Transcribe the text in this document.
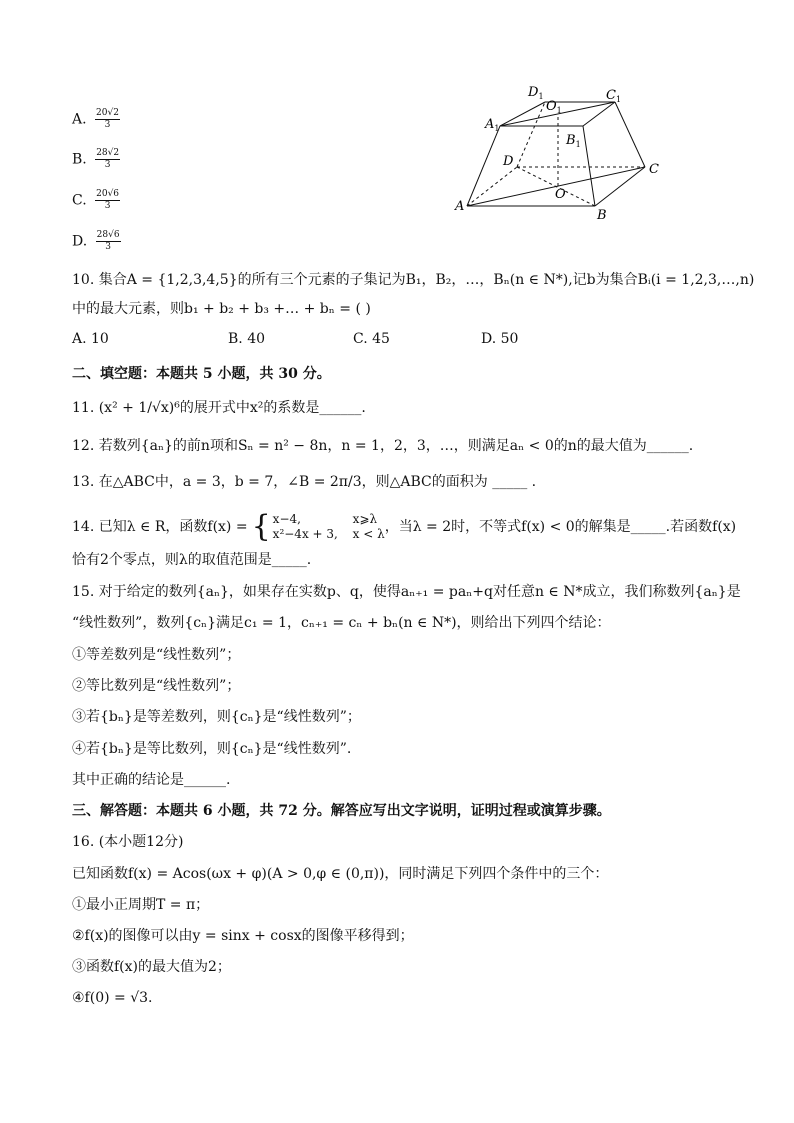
A. $\frac{20√2}{3}$
B. $\frac{28√2}{3}$
C. $\frac{20√6}{3}$
D. $\frac{28√6}{3}$
$D_1$
$O_1$
$C_1$
$A_1$
$B_1$
D
C
O
A
B
10. 集合A = {1,2,3,4,5}的所有三个元素的子集记为B₁，B₂，…，Bₙ(n ∈ N*),记b为集合Bᵢ(i = 1,2,3,…,n)
中的最大元素，则b₁ + b₂ + b₃ +… + bₙ = ( )
A. 10	B. 40	C. 45	D. 50
二、填空题：本题共 5 小题，共 30 分。
11. (x² + 1/√x)⁶的展开式中x²的系数是______.
12. 若数列{aₙ}的前n项和Sₙ = n² − 8n，n = 1，2，3，…，则满足aₙ < 0的n的最大值为______.
13. 在△ABC中，a = 3，b = 7，∠B = 2π/3，则△ABC的面积为 _____ .
14. 已知λ ∈ R，函数f(x) = { x−4,	x⩾λ
x²−4x + 3, x < λ ，当λ = 2时，不等式f(x) < 0的解集是_____.若函数f(x)
恰有2个零点，则λ的取值范围是_____.
15. 对于给定的数列{aₙ}，如果存在实数p、q，使得aₙ₊₁ = paₙ+q对任意n ∈ N*成立，我们称数列{aₙ}是
“线性数列”，数列{cₙ}满足c₁ = 1，cₙ₊₁ = cₙ + bₙ(n ∈ N*)，则给出下列四个结论：
①等差数列是“线性数列”；
②等比数列是“线性数列”；
③若{bₙ}是等差数列，则{cₙ}是“线性数列”；
④若{bₙ}是等比数列，则{cₙ}是“线性数列”.
其中正确的结论是______.
三、解答题：本题共 6 小题，共 72 分。解答应写出文字说明，证明过程或演算步骤。
16. (本小题12分)
已知函数f(x) = Acos(ωx + φ)(A > 0,φ ∈ (0,π))，同时满足下列四个条件中的三个：
①最小正周期T = π；
②f(x)的图像可以由y = sinx + cosx的图像平移得到；
③函数f(x)的最大值为2；
④f(0) = √3.
